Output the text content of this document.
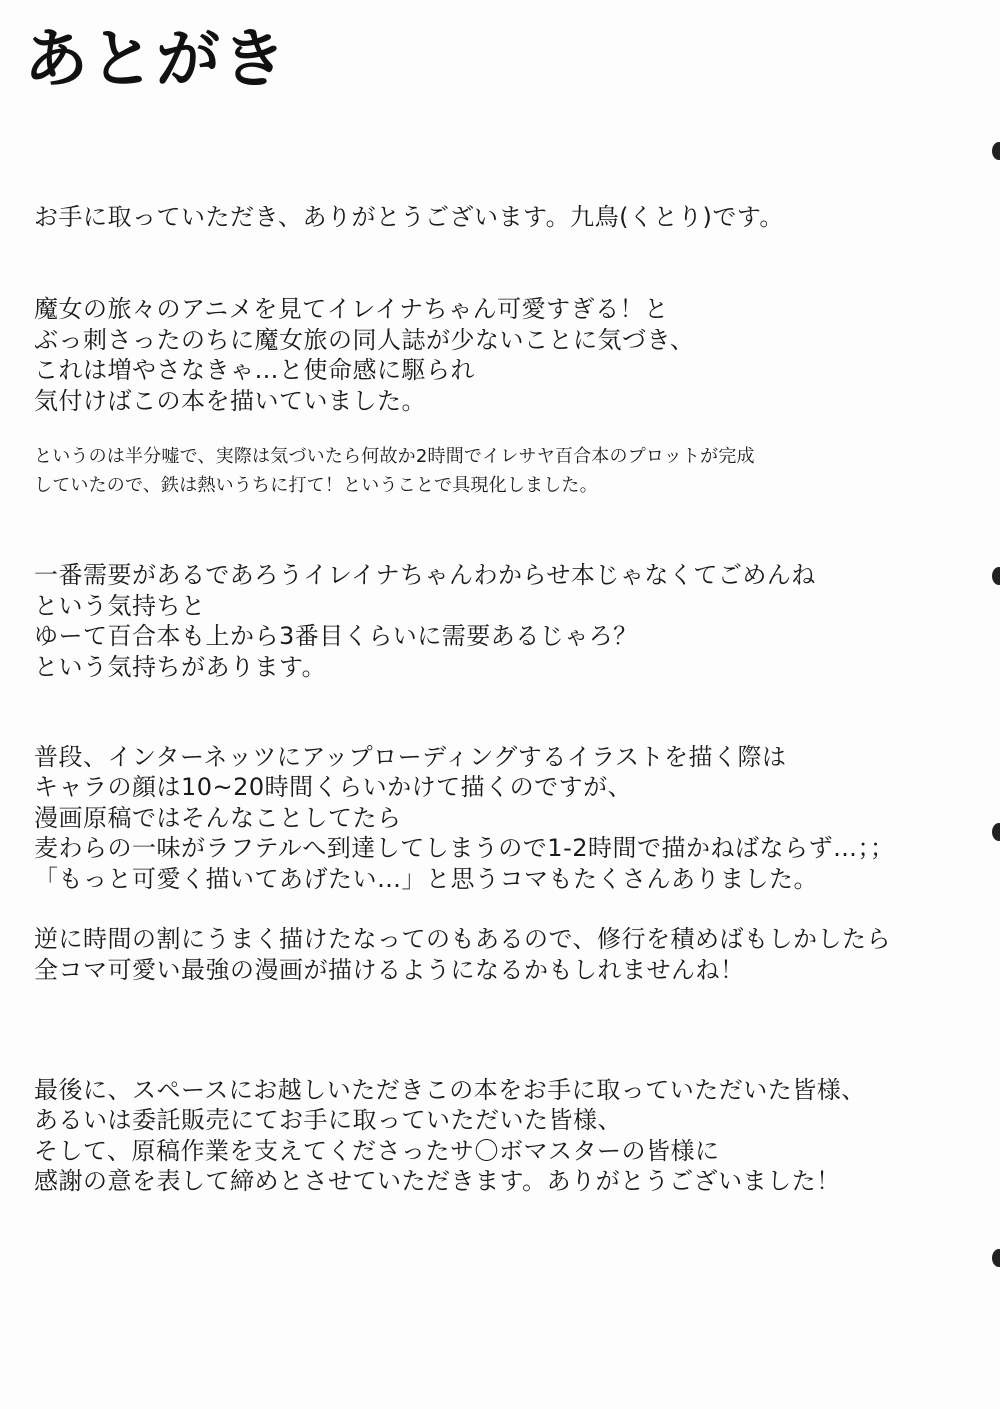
あとがき
お手に取っていただき、ありがとうございます。九鳥(くとり)です。
魔女の旅々のアニメを見てイレイナちゃん可愛すぎる！と
ぶっ刺さったのちに魔女旅の同人誌が少ないことに気づき、
これは増やさなきゃ…と使命感に駆られ
気付けばこの本を描いていました。
というのは半分嘘で、実際は気づいたら何故か2時間でイレサヤ百合本のプロットが完成
していたので、鉄は熱いうちに打て！ということで具現化しました。
一番需要があるであろうイレイナちゃんわからせ本じゃなくてごめんね
という気持ちと
ゆーて百合本も上から3番目くらいに需要あるじゃろ？
という気持ちがあります。
普段、インターネッツにアップローディングするイラストを描く際は
キャラの顔は10~20時間くらいかけて描くのですが、
漫画原稿ではそんなことしてたら
麦わらの一味がラフテルへ到達してしまうので1-2時間で描かねばならず…；；
「もっと可愛く描いてあげたい…」と思うコマもたくさんありました。
逆に時間の割にうまく描けたなってのもあるので、修行を積めばもしかしたら
全コマ可愛い最強の漫画が描けるようになるかもしれませんね！
最後に、スペースにお越しいただきこの本をお手に取っていただいた皆様、
あるいは委託販売にてお手に取っていただいた皆様、
そして、原稿作業を支えてくださったサ〇ボマスターの皆様に
感謝の意を表して締めとさせていただきます。ありがとうございました！
